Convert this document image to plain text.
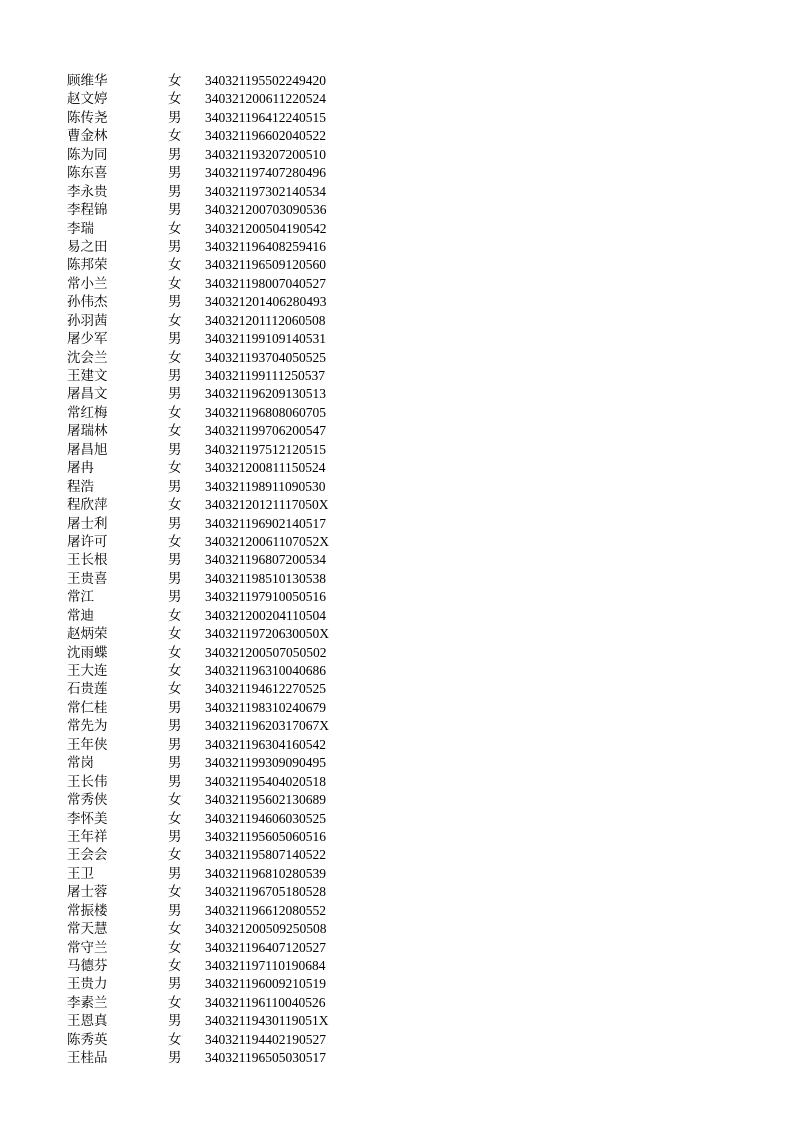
顾维华	女	340321195502249420
赵文婷	女	340321200611220524
陈传尧	男	340321196412240515
曹金林	女	340321196602040522
陈为同	男	340321193207200510
陈东喜	男	340321197407280496
李永贵	男	340321197302140534
李程锦	男	340321200703090536
李瑞	女	340321200504190542
易之田	男	340321196408259416
陈邦荣	女	340321196509120560
常小兰	女	340321198007040527
孙伟杰	男	340321201406280493
孙羽茜	女	340321201112060508
屠少军	男	340321199109140531
沈会兰	女	340321193704050525
王建文	男	340321199111250537
屠昌文	男	340321196209130513
常红梅	女	340321196808060705
屠瑞林	女	340321199706200547
屠昌旭	男	340321197512120515
屠冉	女	340321200811150524
程浩	男	340321198911090530
程欣萍	女	34032120121117050X
屠士利	男	340321196902140517
屠许可	女	34032120061107052X
王长根	男	340321196807200534
王贵喜	男	340321198510130538
常江	男	340321197910050516
常迪	女	340321200204110504
赵炳荣	女	34032119720630050X
沈雨蝶	女	340321200507050502
王大连	女	340321196310040686
石贵莲	女	340321194612270525
常仁桂	男	340321198310240679
常先为	男	34032119620317067X
王年侠	男	340321196304160542
常岗	男	340321199309090495
王长伟	男	340321195404020518
常秀侠	女	340321195602130689
李怀美	女	340321194606030525
王年祥	男	340321195605060516
王会会	女	340321195807140522
王卫	男	340321196810280539
屠士蓉	女	340321196705180528
常振楼	男	340321196612080552
常天慧	女	340321200509250508
常守兰	女	340321196407120527
马德芬	女	340321197110190684
王贵力	男	340321196009210519
李素兰	女	340321196110040526
王恩真	男	34032119430119051X
陈秀英	女	340321194402190527
王桂品	男	340321196505030517
